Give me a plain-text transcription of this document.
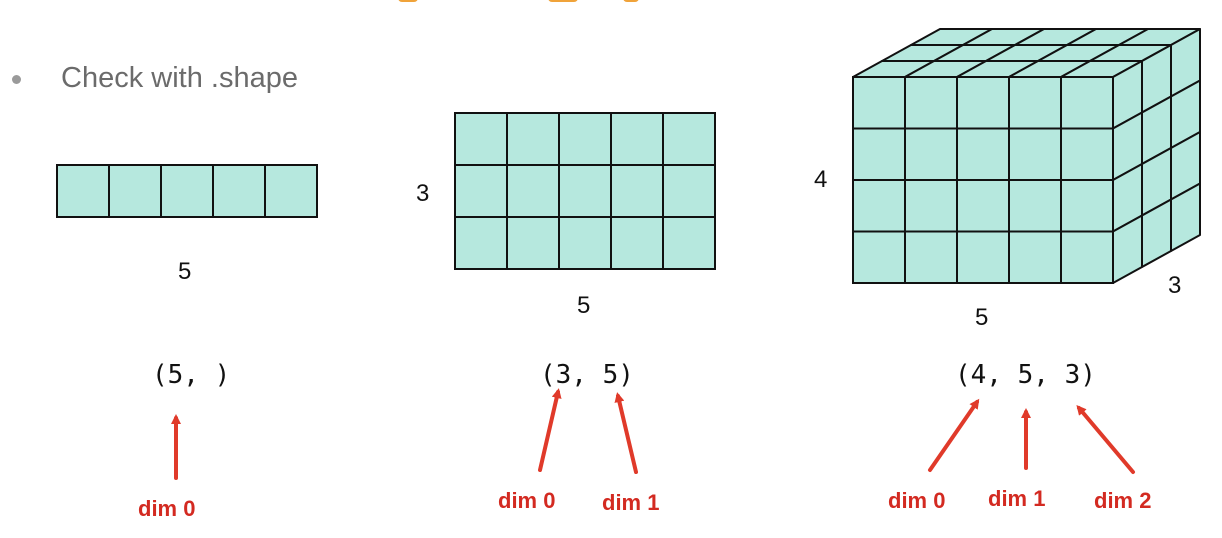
Check with .shape
5
3
5
4
5
3
(5, )	(3, 5)	(4, 5, 3)
dim 0	dim 0 dim 1	dim 0 dim 1 dim 2
